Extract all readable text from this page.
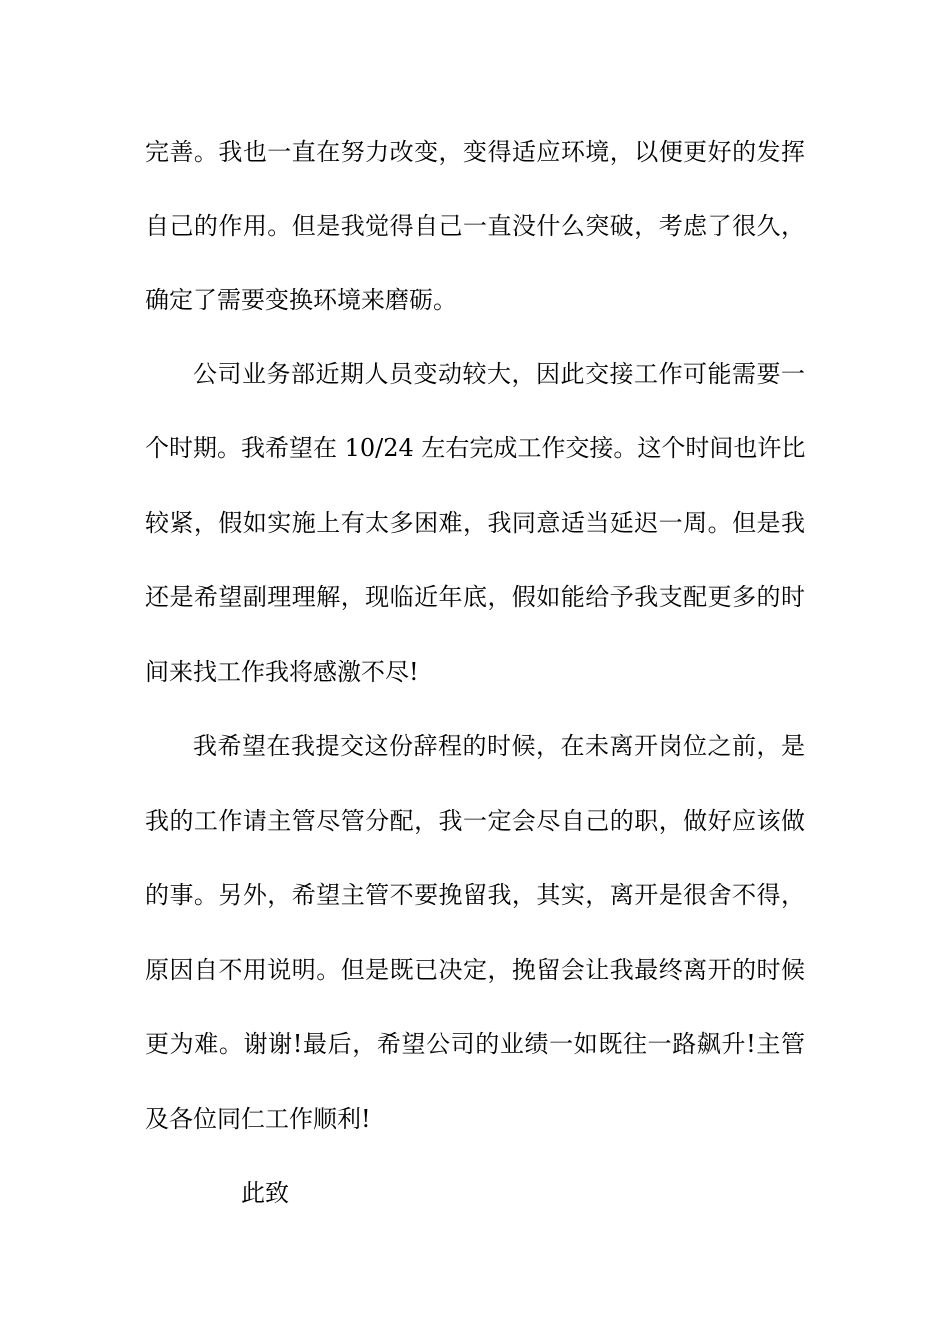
完善。我也一直在努力改变，变得适应环境，以便更好的发挥
自己的作用。但是我觉得自己一直没什么突破，考虑了很久，
确定了需要变换环境来磨砺。
公司业务部近期人员变动较大，因此交接工作可能需要一
个时期。我希望在 10/24 左右完成工作交接。这个时间也许比
较紧，假如实施上有太多困难，我同意适当延迟一周。但是我
还是希望副理理解，现临近年底，假如能给予我支配更多的时
间来找工作我将感激不尽!
我希望在我提交这份辞程的时候，在未离开岗位之前，是
我的工作请主管尽管分配，我一定会尽自己的职，做好应该做
的事。另外，希望主管不要挽留我，其实，离开是很舍不得，
原因自不用说明。但是既已决定，挽留会让我最终离开的时候
更为难。谢谢!最后，希望公司的业绩一如既往一路飙升!主管
及各位同仁工作顺利!
此致
